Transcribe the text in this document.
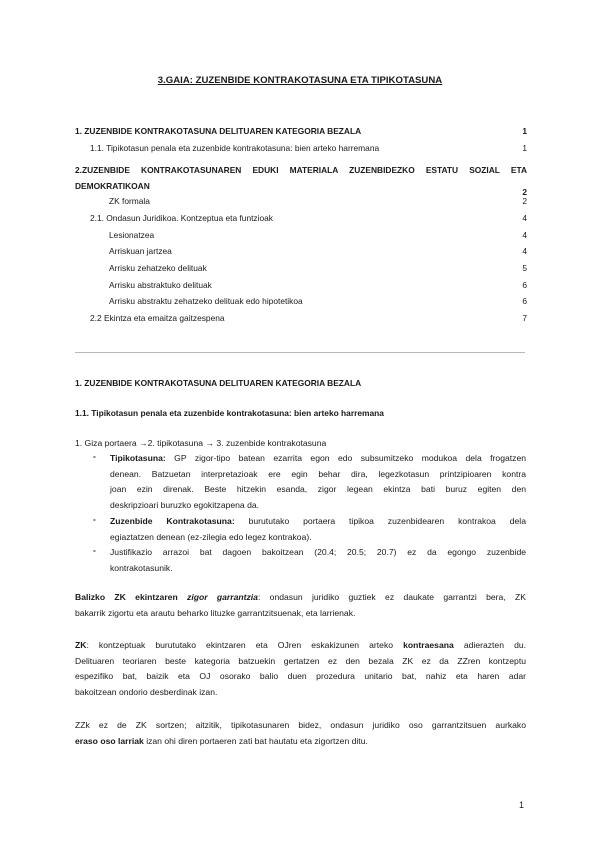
3.GAIA: ZUZENBIDE KONTRAKOTASUNA ETA TIPIKOTASUNA
1. ZUZENBIDE KONTRAKOTASUNA DELITUAREN KATEGORIA BEZALA	1
1.1. Tipikotasun penala eta zuzenbide kontrakotasuna: bien arteko harremana	1
2.ZUZENBIDE KONTRAKOTASUNAREN EDUKI MATERIALA ZUZENBIDEZKO ESTATU SOZIAL ETA
DEMOKRATIKOAN
2
ZK formala	2
2.1. Ondasun Juridikoa. Kontzeptua eta funtzioak	4
Lesionatzea	4
Arriskuan jartzea	4
Arrisku zehatzeko delituak	5
Arrisku abstraktuko delituak	6
Arrisku abstraktu zehatzeko delituak edo hipotetikoa	6
2.2 Ekintza eta emaitza gaitzespena	7
1. ZUZENBIDE KONTRAKOTASUNA DELITUAREN KATEGORIA BEZALA
1.1. Tipikotasun penala eta zuzenbide kontrakotasuna: bien arteko harremana
1. Giza portaera →2. tipikotasuna → 3. zuzenbide kontrakotasuna
- Tipikotasuna: GP zigor-tipo batean ezarrita egon edo subsumitzeko modukoa dela frogatzen
denean. Batzuetan interpretazioak ere egin behar dira, legezkotasun printzipioaren kontra
joan ezin direnak. Beste hitzekin esanda, zigor legean ekintza bati buruz egiten den
deskripzioari buruzko egokitzapena da.
- Zuzenbide Kontrakotasuna: burututako portaera tipikoa zuzenbidearen kontrakoa dela
egiaztatzen denean (ez-zilegia edo legez kontrakoa).
- Justifikazio arrazoi bat dagoen bakoitzean (20.4; 20.5; 20.7) ez da egongo zuzenbide
kontrakotasunik.
Balizko ZK ekintzaren zigor garrantzia: ondasun juridiko guztiek ez daukate garrantzi bera, ZK
bakarrik zigortu eta arautu beharko lituzke garrantzitsuenak, eta larrienak.
ZK: kontzeptuak burututako ekintzaren eta OJren eskakizunen arteko kontraesana adierazten du.
Delituaren teoriaren beste kategoria batzuekin gertatzen ez den bezala ZK ez da ZZren kontzeptu
espezifiko bat, baizik eta OJ osorako balio duen prozedura unitario bat, nahiz eta haren adar
bakoitzean ondorio desberdinak izan.
ZZk ez de ZK sortzen; aitzitik, tipikotasunaren bidez, ondasun juridiko oso garrantzitsuen aurkako
eraso oso larriak izan ohi diren portaeren zati bat hautatu eta zigortzen ditu.
1
